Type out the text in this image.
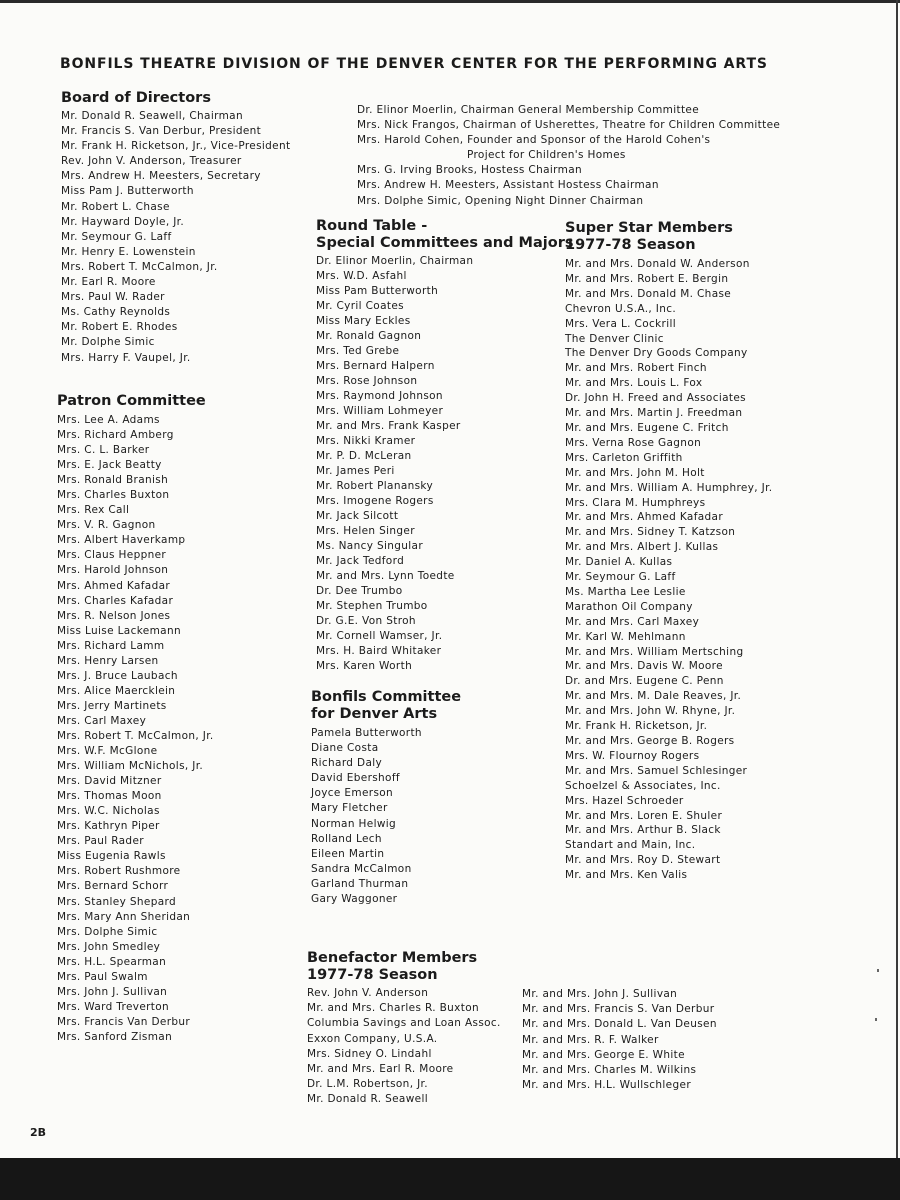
BONFILS THEATRE DIVISION OF THE DENVER CENTER FOR THE PERFORMING ARTS
Dr. Elinor Moerlin, Chairman General Membership Committee
Mrs. Nick Frangos, Chairman of Usherettes, Theatre for Children Committee
Mrs. Harold Cohen, Founder and Sponsor of the Harold Cohen's
Project for Children's Homes
Mrs. G. Irving Brooks, Hostess Chairman
Mrs. Andrew H. Meesters, Assistant Hostess Chairman
Mrs. Dolphe Simic, Opening Night Dinner Chairman
Board of Directors
Mr. Donald R. Seawell, Chairman
Mr. Francis S. Van Derbur, President
Mr. Frank H. Ricketson, Jr., Vice-President
Rev. John V. Anderson, Treasurer
Mrs. Andrew H. Meesters, Secretary
Miss Pam J. Butterworth
Mr. Robert L. Chase
Mr. Hayward Doyle, Jr.
Mr. Seymour G. Laff
Mr. Henry E. Lowenstein
Mrs. Robert T. McCalmon, Jr.
Mr. Earl R. Moore
Mrs. Paul W. Rader
Ms. Cathy Reynolds
Mr. Robert E. Rhodes
Mr. Dolphe Simic
Mrs. Harry F. Vaupel, Jr.
Patron Committee
Mrs. Lee A. Adams
Mrs. Richard Amberg
Mrs. C. L. Barker
Mrs. E. Jack Beatty
Mrs. Ronald Branish
Mrs. Charles Buxton
Mrs. Rex Call
Mrs. V. R. Gagnon
Mrs. Albert Haverkamp
Mrs. Claus Heppner
Mrs. Harold Johnson
Mrs. Ahmed Kafadar
Mrs. Charles Kafadar
Mrs. R. Nelson Jones
Miss Luise Lackemann
Mrs. Richard Lamm
Mrs. Henry Larsen
Mrs. J. Bruce Laubach
Mrs. Alice Maercklein
Mrs. Jerry Martinets
Mrs. Carl Maxey
Mrs. Robert T. McCalmon, Jr.
Mrs. W.F. McGlone
Mrs. William McNichols, Jr.
Mrs. David Mitzner
Mrs. Thomas Moon
Mrs. W.C. Nicholas
Mrs. Kathryn Piper
Mrs. Paul Rader
Miss Eugenia Rawls
Mrs. Robert Rushmore
Mrs. Bernard Schorr
Mrs. Stanley Shepard
Mrs. Mary Ann Sheridan
Mrs. Dolphe Simic
Mrs. John Smedley
Mrs. H.L. Spearman
Mrs. Paul Swalm
Mrs. John J. Sullivan
Mrs. Ward Treverton
Mrs. Francis Van Derbur
Mrs. Sanford Zisman
Round Table -
Special Committees and Majors
Dr. Elinor Moerlin, Chairman
Mrs. W.D. Asfahl
Miss Pam Butterworth
Mr. Cyril Coates
Miss Mary Eckles
Mr. Ronald Gagnon
Mrs. Ted Grebe
Mrs. Bernard Halpern
Mrs. Rose Johnson
Mrs. Raymond Johnson
Mrs. William Lohmeyer
Mr. and Mrs. Frank Kasper
Mrs. Nikki Kramer
Mr. P. D. McLeran
Mr. James Peri
Mr. Robert Planansky
Mrs. Imogene Rogers
Mr. Jack Silcott
Mrs. Helen Singer
Ms. Nancy Singular
Mr. Jack Tedford
Mr. and Mrs. Lynn Toedte
Dr. Dee Trumbo
Mr. Stephen Trumbo
Dr. G.E. Von Stroh
Mr. Cornell Wamser, Jr.
Mrs. H. Baird Whitaker
Mrs. Karen Worth
Bonfils Committee
for Denver Arts
Pamela Butterworth
Diane Costa
Richard Daly
David Ebershoff
Joyce Emerson
Mary Fletcher
Norman Helwig
Rolland Lech
Eileen Martin
Sandra McCalmon
Garland Thurman
Gary Waggoner
Super Star Members
1977-78 Season
Mr. and Mrs. Donald W. Anderson
Mr. and Mrs. Robert E. Bergin
Mr. and Mrs. Donald M. Chase
Chevron U.S.A., Inc.
Mrs. Vera L. Cockrill
The Denver Clinic
The Denver Dry Goods Company
Mr. and Mrs. Robert Finch
Mr. and Mrs. Louis L. Fox
Dr. John H. Freed and Associates
Mr. and Mrs. Martin J. Freedman
Mr. and Mrs. Eugene C. Fritch
Mrs. Verna Rose Gagnon
Mrs. Carleton Griffith
Mr. and Mrs. John M. Holt
Mr. and Mrs. William A. Humphrey, Jr.
Mrs. Clara M. Humphreys
Mr. and Mrs. Ahmed Kafadar
Mr. and Mrs. Sidney T. Katzson
Mr. and Mrs. Albert J. Kullas
Mr. Daniel A. Kullas
Mr. Seymour G. Laff
Ms. Martha Lee Leslie
Marathon Oil Company
Mr. and Mrs. Carl Maxey
Mr. Karl W. Mehlmann
Mr. and Mrs. William Mertsching
Mr. and Mrs. Davis W. Moore
Dr. and Mrs. Eugene C. Penn
Mr. and Mrs. M. Dale Reaves, Jr.
Mr. and Mrs. John W. Rhyne, Jr.
Mr. Frank H. Ricketson, Jr.
Mr. and Mrs. George B. Rogers
Mrs. W. Flournoy Rogers
Mr. and Mrs. Samuel Schlesinger
Schoelzel & Associates, Inc.
Mrs. Hazel Schroeder
Mr. and Mrs. Loren E. Shuler
Mr. and Mrs. Arthur B. Slack
Standart and Main, Inc.
Mr. and Mrs. Roy D. Stewart
Mr. and Mrs. Ken Valis
Benefactor Members
1977-78 Season
Rev. John V. Anderson
Mr. and Mrs. Charles R. Buxton
Columbia Savings and Loan Assoc.
Exxon Company, U.S.A.
Mrs. Sidney O. Lindahl
Mr. and Mrs. Earl R. Moore
Dr. L.M. Robertson, Jr.
Mr. Donald R. Seawell
Mr. and Mrs. John J. Sullivan
Mr. and Mrs. Francis S. Van Derbur
Mr. and Mrs. Donald L. Van Deusen
Mr. and Mrs. R. F. Walker
Mr. and Mrs. George E. White
Mr. and Mrs. Charles M. Wilkins
Mr. and Mrs. H.L. Wullschleger
2B
